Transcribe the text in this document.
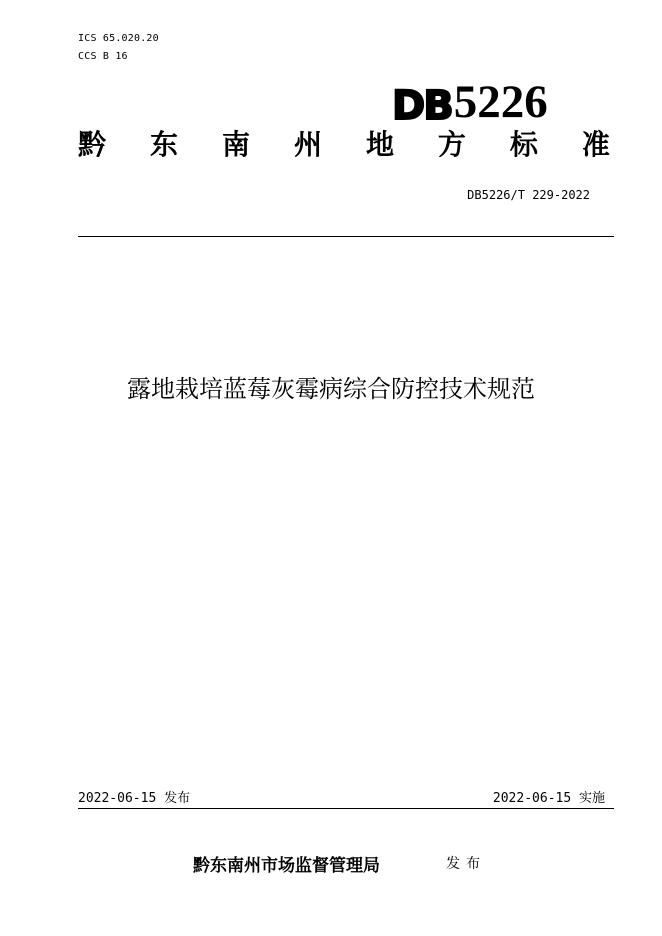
ICS 65.020.20
CCS B 16
DB 5226
黔 东 南 州 地 方 标 准
DB5226/T 229-2022
露地栽培蓝莓灰霉病综合防控技术规范
2022-06-15 发布	2022-06-15 实施
黔东南州市场监督管理局	发布
